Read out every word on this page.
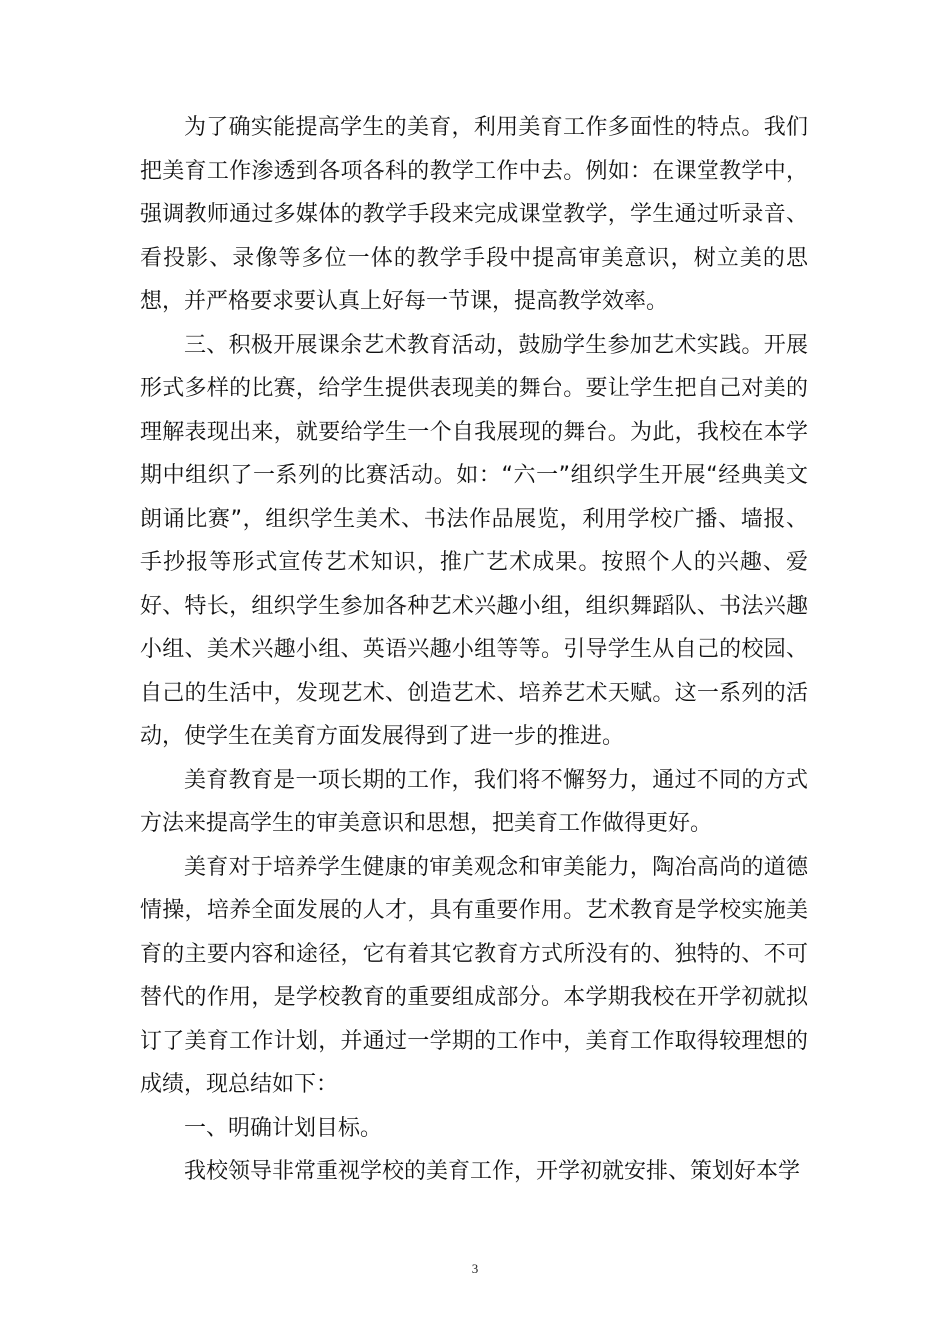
为了确实能提高学生的美育，利用美育工作多面性的特点。我们把美育工作渗透到各项各科的教学工作中去。例如：在课堂教学中，强调教师通过多媒体的教学手段来完成课堂教学，学生通过听录音、看投影、录像等多位一体的教学手段中提高审美意识，树立美的思想，并严格要求要认真上好每一节课，提高教学效率。

三、积极开展课余艺术教育活动，鼓励学生参加艺术实践。开展形式多样的比赛，给学生提供表现美的舞台。要让学生把自己对美的理解表现出来，就要给学生一个自我展现的舞台。为此，我校在本学期中组织了一系列的比赛活动。如：“六一”组织学生开展“经典美文朗诵比赛”，组织学生美术、书法作品展览，利用学校广播、墙报、手抄报等形式宣传艺术知识，推广艺术成果。按照个人的兴趣、爱好、特长，组织学生参加各种艺术兴趣小组，组织舞蹈队、书法兴趣小组、美术兴趣小组、英语兴趣小组等等。引导学生从自己的校园、自己的生活中，发现艺术、创造艺术、培养艺术天赋。这一系列的活动，使学生在美育方面发展得到了进一步的推进。

美育教育是一项长期的工作，我们将不懈努力，通过不同的方式方法来提高学生的审美意识和思想，把美育工作做得更好。

美育对于培养学生健康的审美观念和审美能力，陶冶高尚的道德情操，培养全面发展的人才，具有重要作用。艺术教育是学校实施美育的主要内容和途径，它有着其它教育方式所没有的、独特的、不可替代的作用，是学校教育的重要组成部分。本学期我校在开学初就拟订了美育工作计划，并通过一学期的工作中，美育工作取得较理想的成绩，现总结如下：

一、明确计划目标。

我校领导非常重视学校的美育工作，开学初就安排、策划好本学

3
